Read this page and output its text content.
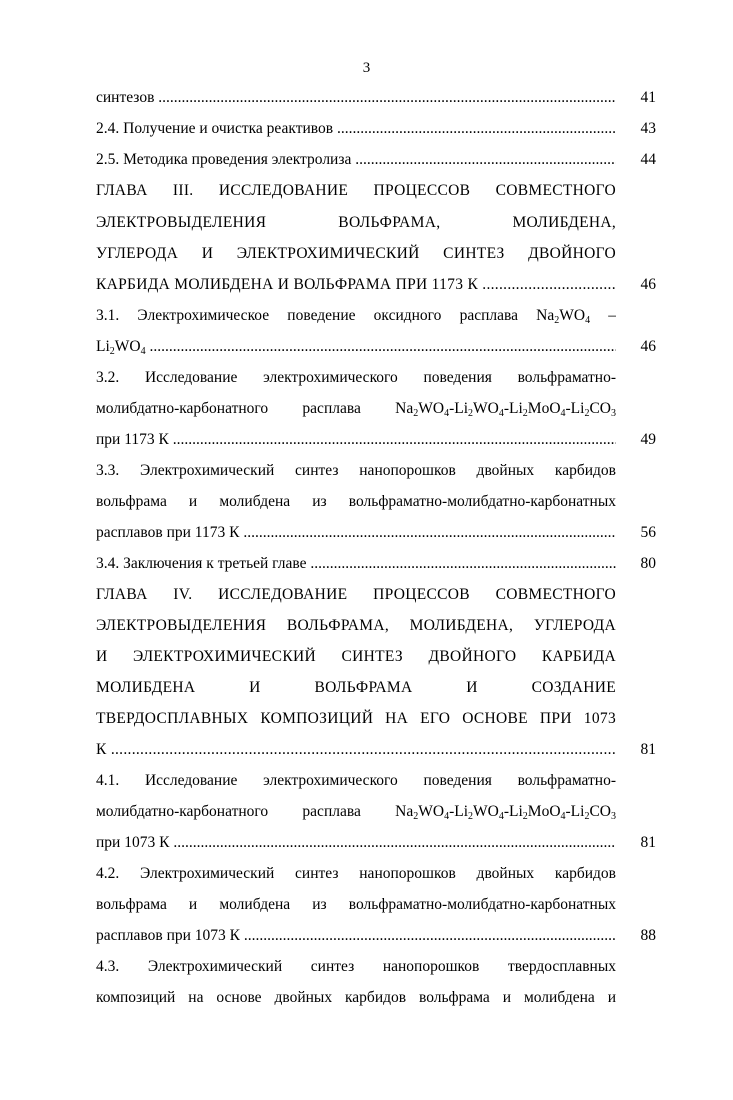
3
синтезов .....	41
2.4. Получение и очистка реактивов .....	43
2.5. Методика проведения электролиза .....	44
ГЛАВА III. ИССЛЕДОВАНИЕ ПРОЦЕССОВ СОВМЕСТНОГО
ЭЛЕКТРОВЫДЕЛЕНИЯ ВОЛЬФРАМА, МОЛИБДЕНА,
УГЛЕРОДА И ЭЛЕКТРОХИМИЧЕСКИЙ СИНТЕЗ ДВОЙНОГО
КАРБИДА МОЛИБДЕНА И ВОЛЬФРАМА ПРИ 1173 К .....	46
3.1. Электрохимическое поведение оксидного расплава $Na_2WO_4$ –
$Li_2WO_4$ .....	46
3.2. Исследование электрохимического поведения вольфраматно-
молибдатно-карбонатного расплава $Na_2WO_4-Li_2WO_4-Li_2MoO_4-Li_2CO_3$
при 1173 К .....	49
3.3. Электрохимический синтез нанопорошков двойных карбидов
вольфрама и молибдена из вольфраматно-молибдатно-карбонатных
расплавов при 1173 К .....	56
3.4. Заключения к третьей главе .....	80
ГЛАВА IV. ИССЛЕДОВАНИЕ ПРОЦЕССОВ СОВМЕСТНОГО
ЭЛЕКТРОВЫДЕЛЕНИЯ ВОЛЬФРАМА, МОЛИБДЕНА, УГЛЕРОДА
И ЭЛЕКТРОХИМИЧЕСКИЙ СИНТЕЗ ДВОЙНОГО КАРБИДА
МОЛИБДЕНА И ВОЛЬФРАМА И СОЗДАНИЕ
ТВЕРДОСПЛАВНЫХ КОМПОЗИЦИЙ НА ЕГО ОСНОВЕ ПРИ 1073
К .....	81
4.1. Исследование электрохимического поведения вольфраматно-
молибдатно-карбонатного расплава $Na_2WO_4-Li_2WO_4-Li_2MoO_4-Li_2CO_3$
при 1073 К .....	81
4.2. Электрохимический синтез нанопорошков двойных карбидов
вольфрама и молибдена из вольфраматно-молибдатно-карбонатных
расплавов при 1073 К .....	88
4.3. Электрохимический синтез нанопорошков твердосплавных
композиций на основе двойных карбидов вольфрама и молибдена и
